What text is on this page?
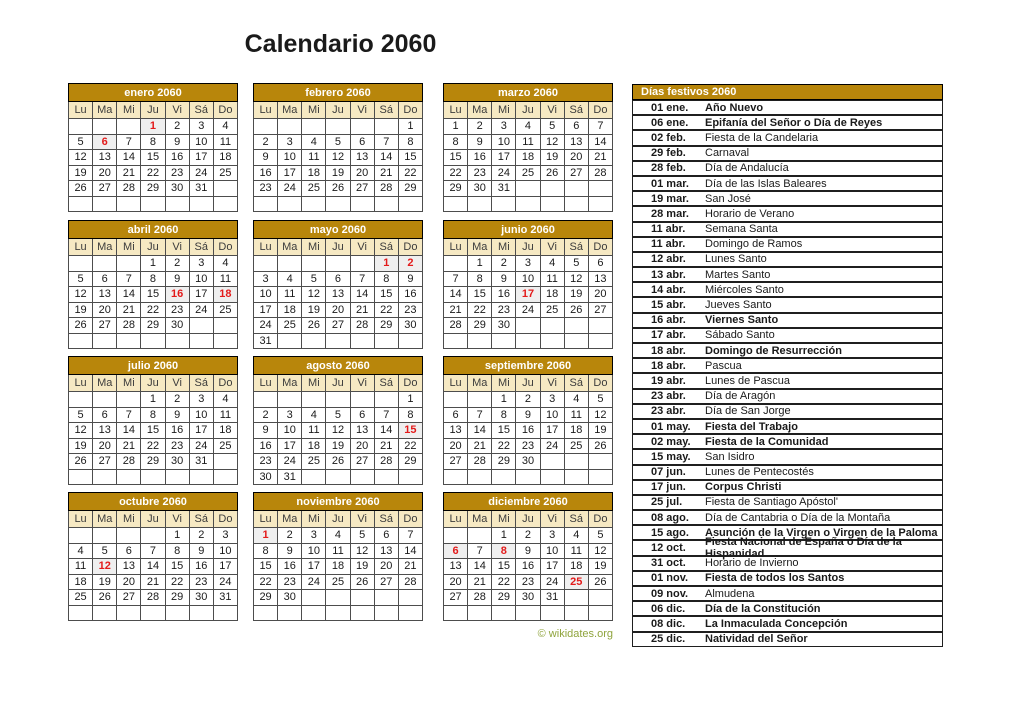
Calendario 2060
enero 2060						
Lu	Ma	Mi	Ju	Vi	Sá	Do
			1	2	3	4
5	6	7	8	9	10	11
12	13	14	15	16	17	18
19	20	21	22	23	24	25
26	27	28	29	30	31	

febrero 2060						
Lu	Ma	Mi	Ju	Vi	Sá	Do
						1
2	3	4	5	6	7	8
9	10	11	12	13	14	15
16	17	18	19	20	21	22
23	24	25	26	27	28	29

marzo 2060						
Lu	Ma	Mi	Ju	Vi	Sá	Do
1	2	3	4	5	6	7
8	9	10	11	12	13	14
15	16	17	18	19	20	21
22	23	24	25	26	27	28
29	30	31				

abril 2060						
Lu	Ma	Mi	Ju	Vi	Sá	Do
			1	2	3	4
5	6	7	8	9	10	11
12	13	14	15	16	17	18
19	20	21	22	23	24	25
26	27	28	29	30		

mayo 2060						
Lu	Ma	Mi	Ju	Vi	Sá	Do
					1	2
3	4	5	6	7	8	9
10	11	12	13	14	15	16
17	18	19	20	21	22	23
24	25	26	27	28	29	30
31						
junio 2060						
Lu	Ma	Mi	Ju	Vi	Sá	Do
	1	2	3	4	5	6
7	8	9	10	11	12	13
14	15	16	17	18	19	20
21	22	23	24	25	26	27
28	29	30				

julio 2060						
Lu	Ma	Mi	Ju	Vi	Sá	Do
			1	2	3	4
5	6	7	8	9	10	11
12	13	14	15	16	17	18
19	20	21	22	23	24	25
26	27	28	29	30	31	

agosto 2060						
Lu	Ma	Mi	Ju	Vi	Sá	Do
						1
2	3	4	5	6	7	8
9	10	11	12	13	14	15
16	17	18	19	20	21	22
23	24	25	26	27	28	29
30	31					
septiembre 2060						
Lu	Ma	Mi	Ju	Vi	Sá	Do
		1	2	3	4	5
6	7	8	9	10	11	12
13	14	15	16	17	18	19
20	21	22	23	24	25	26
27	28	29	30			

octubre 2060						
Lu	Ma	Mi	Ju	Vi	Sá	Do
				1	2	3
4	5	6	7	8	9	10
11	12	13	14	15	16	17
18	19	20	21	22	23	24
25	26	27	28	29	30	31

noviembre 2060						
Lu	Ma	Mi	Ju	Vi	Sá	Do
1	2	3	4	5	6	7
8	9	10	11	12	13	14
15	16	17	18	19	20	21
22	23	24	25	26	27	28
29	30					

diciembre 2060						
Lu	Ma	Mi	Ju	Vi	Sá	Do
		1	2	3	4	5
6	7	8	9	10	11	12
13	14	15	16	17	18	19
20	21	22	23	24	25	26
27	28	29	30	31		

Días festivos 2060
01 ene.	Año Nuevo
06 ene.	Epifanía del Señor o Día de Reyes
02 feb.	Fiesta de la Candelaria
29 feb.	Carnaval
28 feb.	Día de Andalucía
01 mar.	Día de las Islas Baleares
19 mar.	San José
28 mar.	Horario de Verano
11 abr.	Semana Santa
11 abr.	Domingo de Ramos
12 abr.	Lunes Santo
13 abr.	Martes Santo
14 abr.	Miércoles Santo
15 abr.	Jueves Santo
16 abr.	Viernes Santo
17 abr.	Sábado Santo
18 abr.	Domingo de Resurrección
18 abr.	Pascua
19 abr.	Lunes de Pascua
23 abr.	Día de Aragón
23 abr.	Día de San Jorge
01 may.	Fiesta del Trabajo
02 may.	Fiesta de la Comunidad
15 may.	San Isidro
07 jun.	Lunes de Pentecostés
17 jun.	Corpus Christi
25 jul.	Fiesta de Santiago Apóstol'
08 ago.	Día de Cantabria o Día de la Montaña
15 ago.	Asunción de la Virgen o Virgen de la Paloma
12 oct.	Fiesta Nacional de España o Día de la Hispanidad
31 oct.	Horario de Invierno
01 nov.	Fiesta de todos los Santos
09 nov.	Almudena
06 dic.	Día de la Constitución
08 dic.	La Inmaculada Concepción
25 dic.	Natividad del Señor
© wikidates.org
